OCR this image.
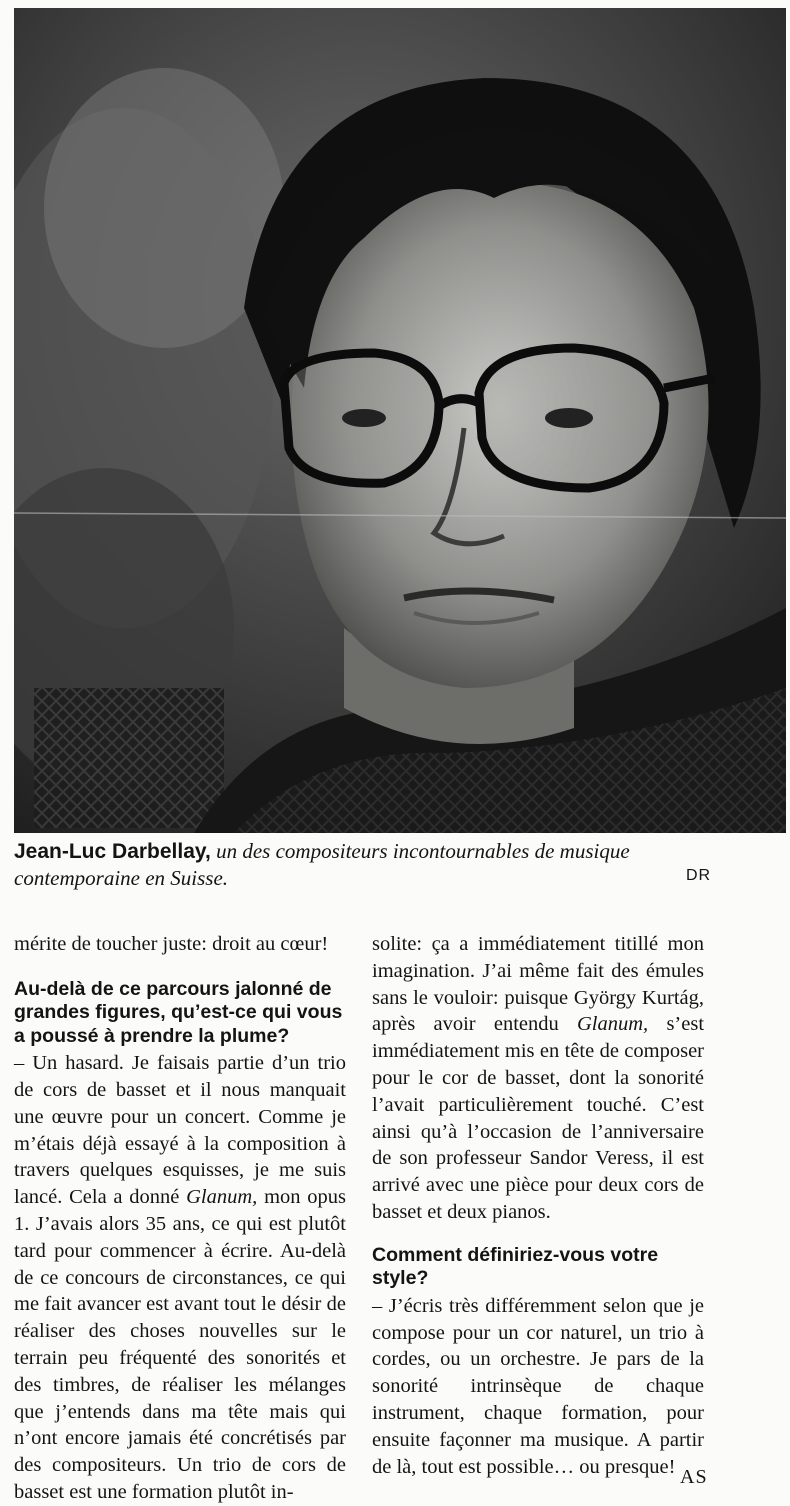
Jean-Luc Darbellay, un des compositeurs incontournables de musique contemporaine en Suisse.	DR

mérite de toucher juste: droit au cœur!

Au-delà de ce parcours jalonné de grandes figures, qu’est-ce qui vous a poussé à prendre la plume?

– Un hasard. Je faisais partie d’un trio de cors de basset et il nous manquait une œuvre pour un concert. Comme je m’étais déjà essayé à la composition à travers quelques esquisses, je me suis lancé. Cela a donné Glanum, mon opus 1. J’avais alors 35 ans, ce qui est plutôt tard pour commencer à écrire. Au-delà de ce concours de circonstances, ce qui me fait avancer est avant tout le désir de réaliser des choses nouvelles sur le terrain peu fréquenté des sonorités et des timbres, de réaliser les mélanges que j’entends dans ma tête mais qui n’ont encore jamais été concrétisés par des compositeurs. Un trio de cors de basset est une formation plutôt in-

solite: ça a immédiatement titillé mon imagination. J’ai même fait des émules sans le vouloir: puisque György Kurtág, après avoir entendu Glanum, s’est immédiatement mis en tête de composer pour le cor de basset, dont la sonorité l’avait particulièrement touché. C’est ainsi qu’à l’occasion de l’anniversaire de son professeur Sandor Veress, il est arrivé avec une pièce pour deux cors de basset et deux pianos.

Comment définiriez-vous votre style?

– J’écris très différemment selon que je compose pour un cor naturel, un trio à cordes, ou un orchestre. Je pars de la sonorité intrinsèque de chaque instrument, chaque formation, pour ensuite façonner ma musique. A partir de là, tout est possible… ou presque! AS
